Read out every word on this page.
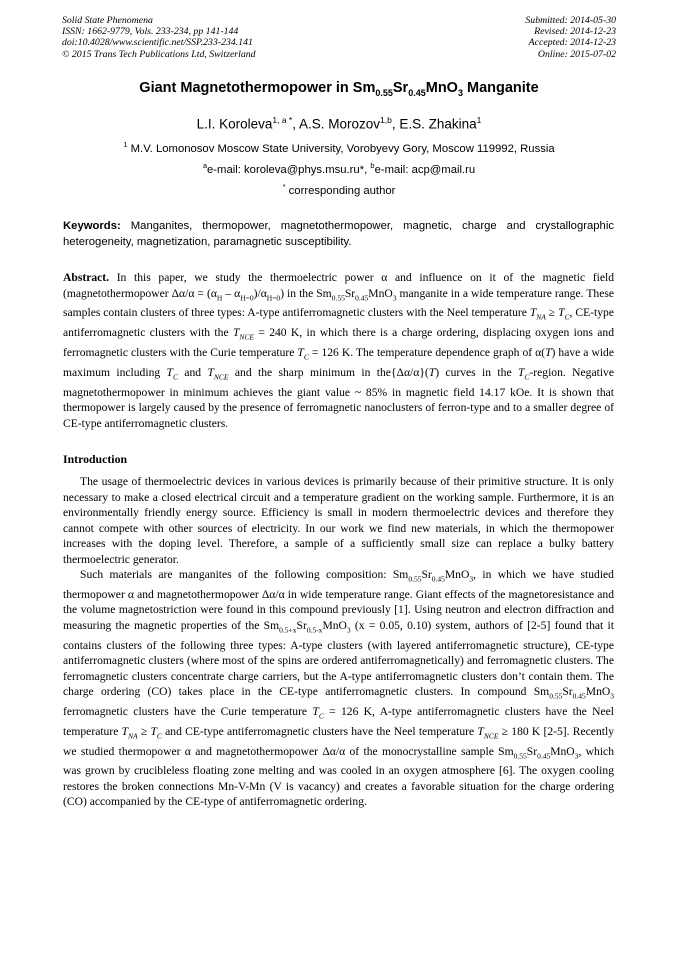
Solid State Phenomena
ISSN: 1662-9779, Vols. 233-234, pp 141-144
doi:10.4028/www.scientific.net/SSP.233-234.141
© 2015 Trans Tech Publications Ltd, Switzerland
Submitted: 2014-05-30
Revised: 2014-12-23
Accepted: 2014-12-23
Online: 2015-07-02
Giant Magnetothermopower in $Sm_{0.55}Sr_{0.45}MnO_3$ Manganite
L.I. Koroleva$^{1, a *}$, A.S. Morozov$^{1,b}$, E.S. Zhakina$^1$
$^1$ M.V. Lomonosov Moscow State University, Vorobyevy Gory, Moscow 119992, Russia
$^a$e-mail: koroleva@phys.msu.ru*, $^b$e-mail: acp@mail.ru
* corresponding author
Keywords: Manganites, thermopower, magnetothermopower, magnetic, charge and crystallographic heterogeneity, magnetization, paramagnetic susceptibility.
Abstract. In this paper, we study the thermoelectric power α and influence on it of the magnetic field (magnetothermopower $\Delta\alpha/\alpha = (\alpha_H - \alpha_{H=0})/\alpha_{H=0}$) in the $Sm_{0.55}Sr_{0.45}MnO_3$ manganite in a wide temperature range. These samples contain clusters of three types: A-type antiferromagnetic clusters with the Neel temperature $T_{NA} \ge T_C$, CE-type antiferromagnetic clusters with the $T_{NCE} = 240$ K, in which there is a charge ordering, displacing oxygen ions and ferromagnetic clusters with the Curie temperature $T_C = 126$ K. The temperature dependence graph of α(T) have a wide maximum including $T_C$ and $T_{NCE}$ and the sharp minimum in the{Δα/α}(T) curves in the $T_C$-region. Negative magnetothermopower in minimum achieves the giant value ~ 85% in magnetic field 14.17 kOe. It is shown that thermopower is largely caused by the presence of ferromagnetic nanoclusters of ferron-type and to a smaller degree of CE-type antiferromagnetic clusters.
Introduction

The usage of thermoelectric devices in various devices is primarily because of their primitive structure. It is only necessary to make a closed electrical circuit and a temperature gradient on the working sample. Furthermore, it is an environmentally friendly energy source. Efficiency is small in modern thermoelectric devices and therefore they cannot compete with other sources of electricity. In our work we find new materials, in which the thermopower increases with the doping level. Therefore, a sample of a sufficiently small size can replace a bulky battery thermoelectric generator.

Such materials are manganites of the following composition: $Sm_{0.55}Sr_{0.45}MnO_3$, in which we have studied thermopower α and magnetothermopower Δα/α in wide temperature range. Giant effects of the magnetoresistance and the volume magnetostriction were found in this compound previously [1]. Using neutron and electron diffraction and measuring the magnetic properties of the $Sm_{0.5+x}Sr_{0.5-x}MnO_3$ (x = 0.05, 0.10) system, authors of [2-5] found that it contains clusters of the following three types: A-type clusters (with layered antiferromagnetic structure), CE-type antiferromagnetic clusters (where most of the spins are ordered antiferromagnetically) and ferromagnetic clusters. The ferromagnetic clusters concentrate charge carriers, but the A-type antiferromagnetic clusters don’t contain them. The charge ordering (CO) takes place in the CE-type antiferromagnetic clusters. In compound $Sm_{0.55}Sr_{0.45}MnO_3$ ferromagnetic clusters have the Curie temperature $T_C = 126$ K, A-type antiferromagnetic clusters have the Neel temperature $T_{NA} \ge T_C$ and CE-type antiferromagnetic clusters have the Neel temperature $T_{NCE} \ge 180$ K [2-5]. Recently we studied thermopower α and magnetothermopower Δα/α of the monocrystalline sample $Sm_{0.55}Sr_{0.45}MnO_3$, which was grown by crucibleless floating zone melting and was cooled in an oxygen atmosphere [6]. The oxygen cooling restores the broken connections Mn-V-Mn (V is vacancy) and creates a favorable situation for the charge ordering (CO) accompanied by the CE-type of antiferromagnetic ordering.
